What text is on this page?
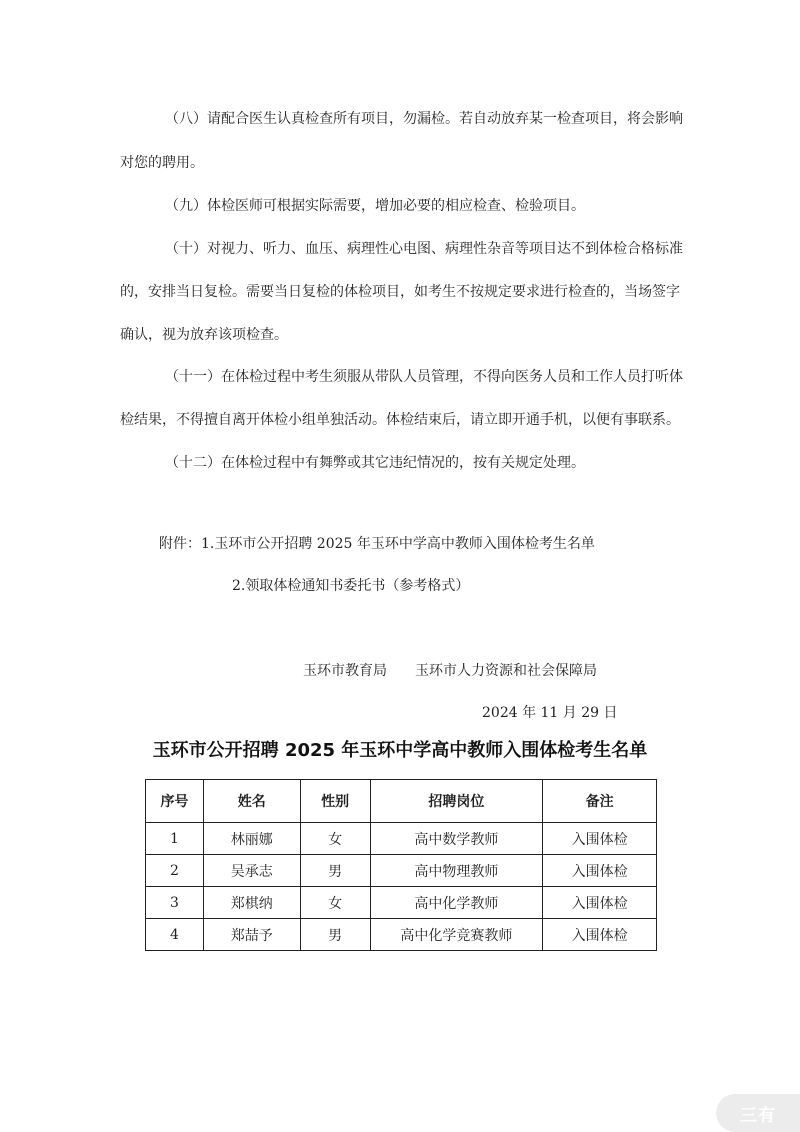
（八）请配合医生认真检查所有项目，勿漏检。若自动放弃某一检查项目，将会影响
对您的聘用。
（九）体检医师可根据实际需要，增加必要的相应检查、检验项目。
（十）对视力、听力、血压、病理性心电图、病理性杂音等项目达不到体检合格标准
的，安排当日复检。需要当日复检的体检项目，如考生不按规定要求进行检查的，当场签字
确认，视为放弃该项检查。
（十一）在体检过程中考生须服从带队人员管理，不得向医务人员和工作人员打听体
检结果，不得擅自离开体检小组单独活动。体检结束后，请立即开通手机，以便有事联系。
（十二）在体检过程中有舞弊或其它违纪情况的，按有关规定处理。
附件：1.玉环市公开招聘 2025 年玉环中学高中教师入围体检考生名单
2.领取体检通知书委托书（参考格式）
玉环市教育局　　玉环市人力资源和社会保障局
2024 年 11 月 29 日
玉环市公开招聘 2025 年玉环中学高中教师入围体检考生名单
序号	姓名	性别	招聘岗位	备注
1	林丽娜	女	高中数学教师	入围体检
2	吴承志	男	高中物理教师	入围体检
3	郑棋纳	女	高中化学教师	入围体检
4	郑喆予	男	高中化学竞赛教师	入围体检
三有
